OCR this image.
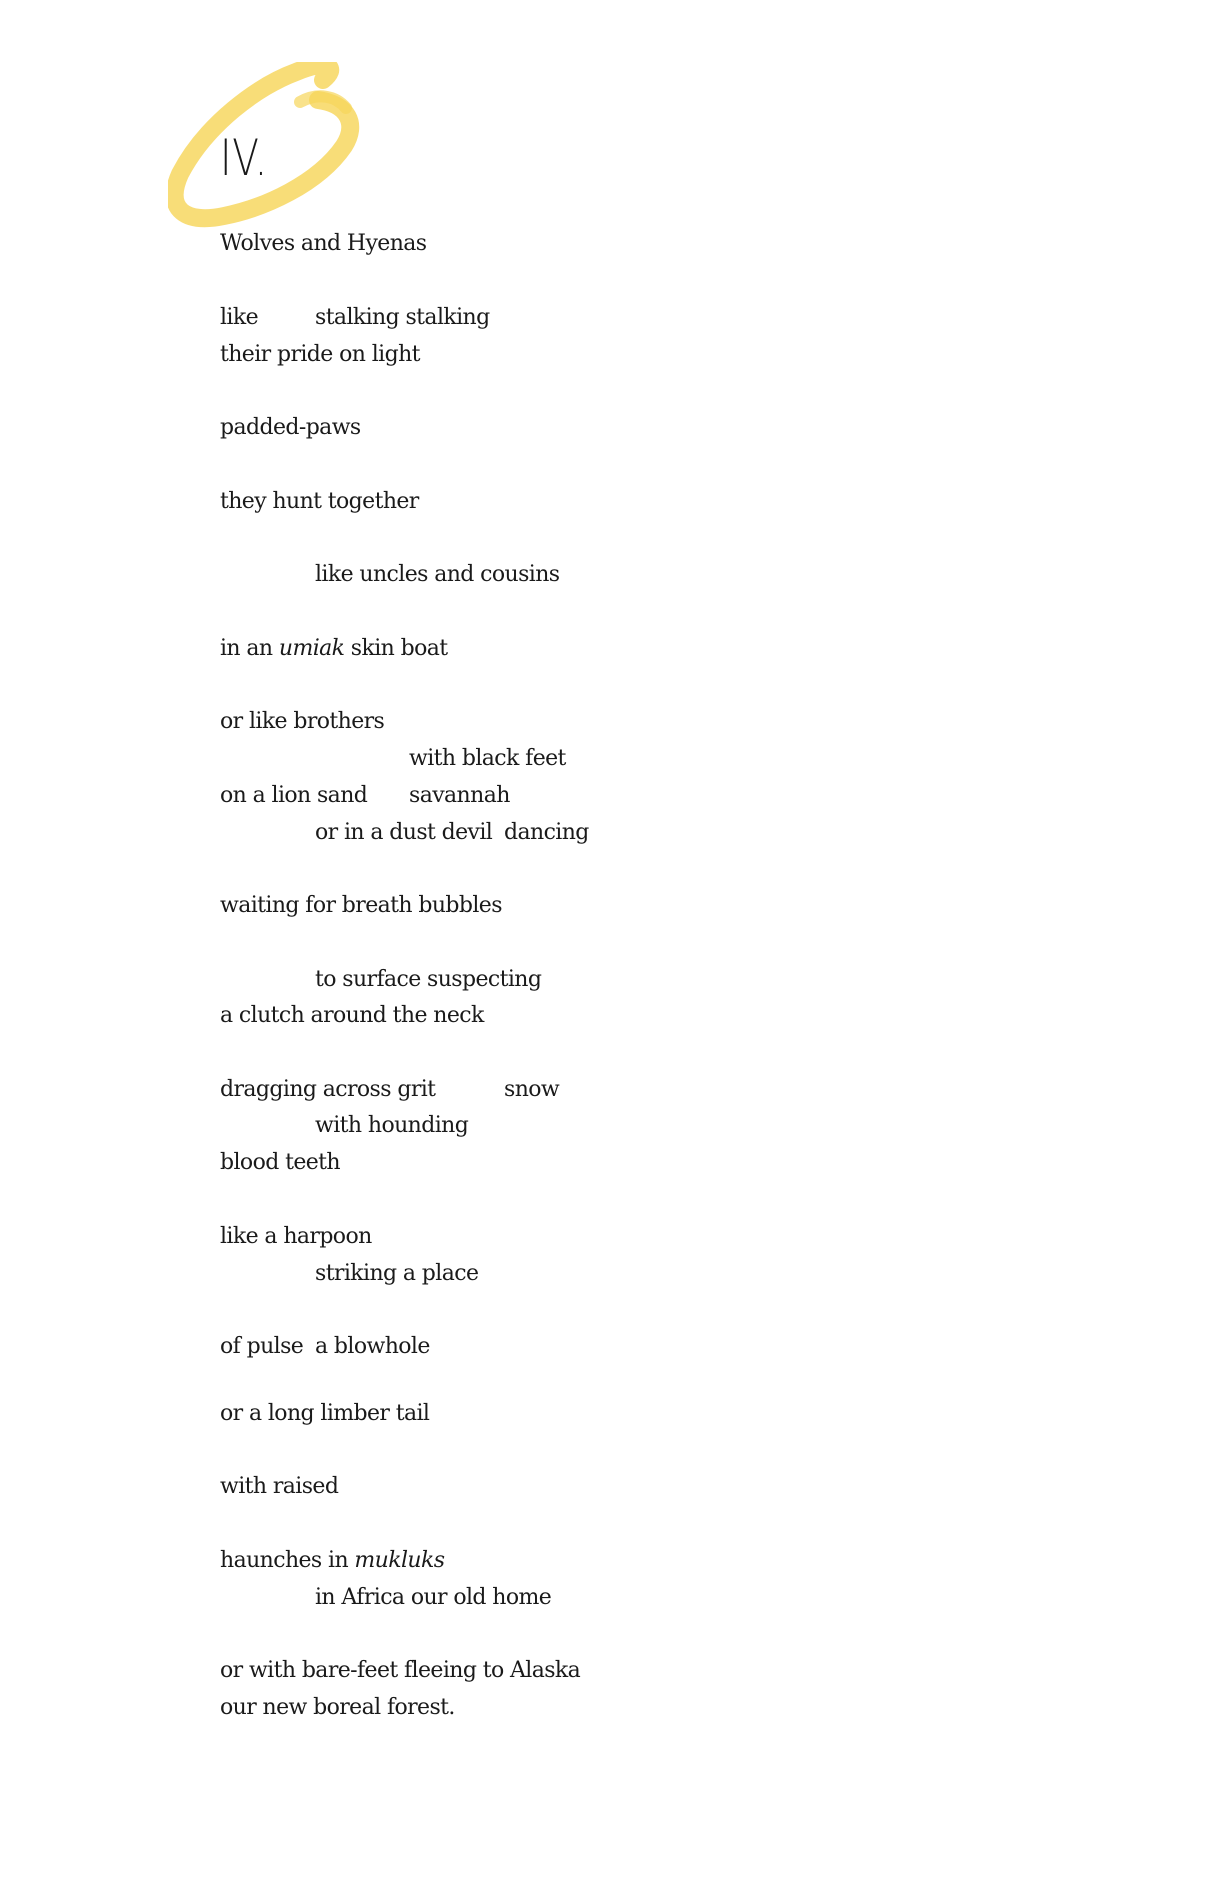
IV.
Wolves and Hyenas
like	stalking stalking
their pride on light
padded-paws
they hunt together
like uncles and cousins
in an umiak skin boat
or like brothers
with black feet
on a lion sand savannah
or in a dust devil dancing
waiting for breath bubbles
to surface suspecting
a clutch around the neck
dragging across grit	snow
with hounding
blood teeth
like a harpoon
striking a place
of pulse a blowhole
or a long limber tail
with raised
haunches in mukluks
in Africa our old home
or with bare-feet fleeing to Alaska
our new boreal forest.
